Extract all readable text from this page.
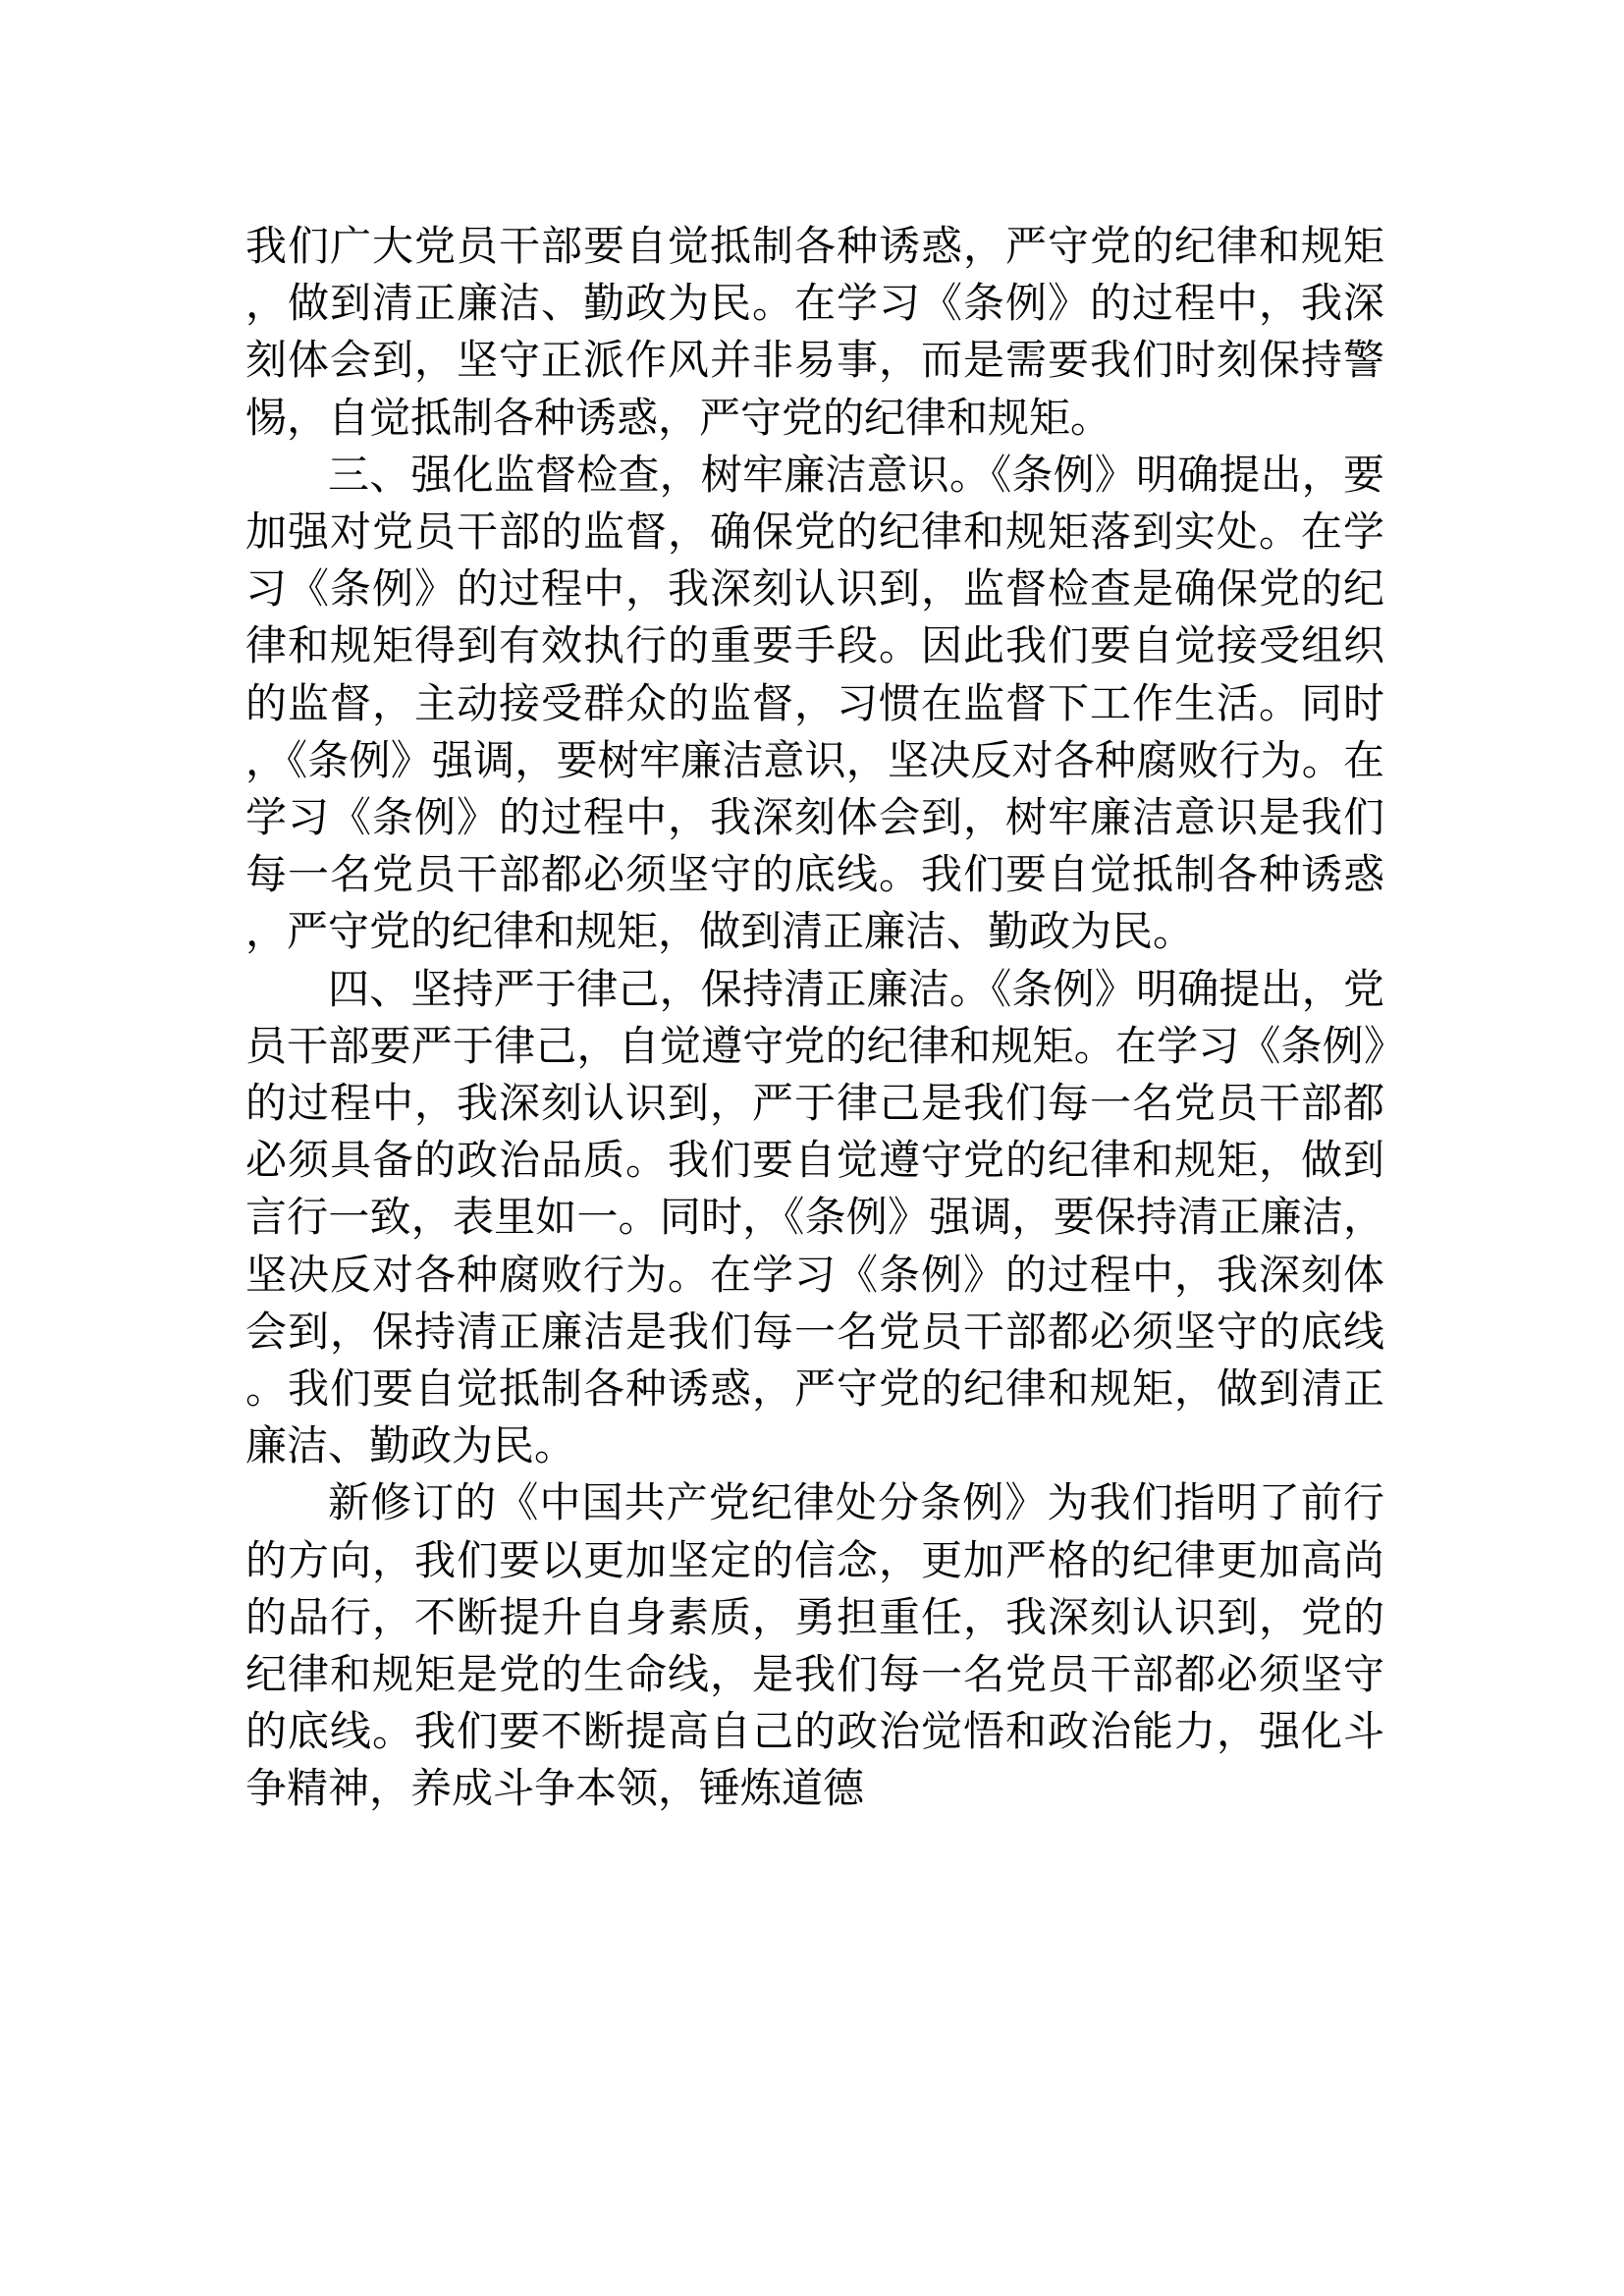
我们广大党员干部要自觉抵制各种诱惑，严守党的纪律和规矩，做到清正廉洁、勤政为民。在学习《条例》的过程中，我深刻体会到，坚守正派作风并非易事，而是需要我们时刻保持警惕，自觉抵制各种诱惑，严守党的纪律和规矩。

三、强化监督检查，树牢廉洁意识。《条例》明确提出，要加强对党员干部的监督，确保党的纪律和规矩落到实处。在学习《条例》的过程中，我深刻认识到，监督检查是确保党的纪律和规矩得到有效执行的重要手段。因此我们要自觉接受组织的监督，主动接受群众的监督，习惯在监督下工作生活。同时，《条例》强调，要树牢廉洁意识，坚决反对各种腐败行为。在学习《条例》的过程中，我深刻体会到，树牢廉洁意识是我们每一名党员干部都必须坚守的底线。我们要自觉抵制各种诱惑，严守党的纪律和规矩，做到清正廉洁、勤政为民。

四、坚持严于律己，保持清正廉洁。《条例》明确提出，党员干部要严于律己，自觉遵守党的纪律和规矩。在学习《条例》的过程中，我深刻认识到，严于律己是我们每一名党员干部都必须具备的政治品质。我们要自觉遵守党的纪律和规矩，做到言行一致，表里如一。同时，《条例》强调，要保持清正廉洁，坚决反对各种腐败行为。在学习《条例》的过程中，我深刻体会到，保持清正廉洁是我们每一名党员干部都必须坚守的底线。我们要自觉抵制各种诱惑，严守党的纪律和规矩，做到清正廉洁、勤政为民。

新修订的《中国共产党纪律处分条例》为我们指明了前行的方向，我们要以更加坚定的信念，更加严格的纪律更加高尚的品行，不断提升自身素质，勇担重任，我深刻认识到，党的纪律和规矩是党的生命线，是我们每一名党员干部都必须坚守的底线。我们要不断提高自己的政治觉悟和政治能力，强化斗争精神，养成斗争本领，锤炼道德
